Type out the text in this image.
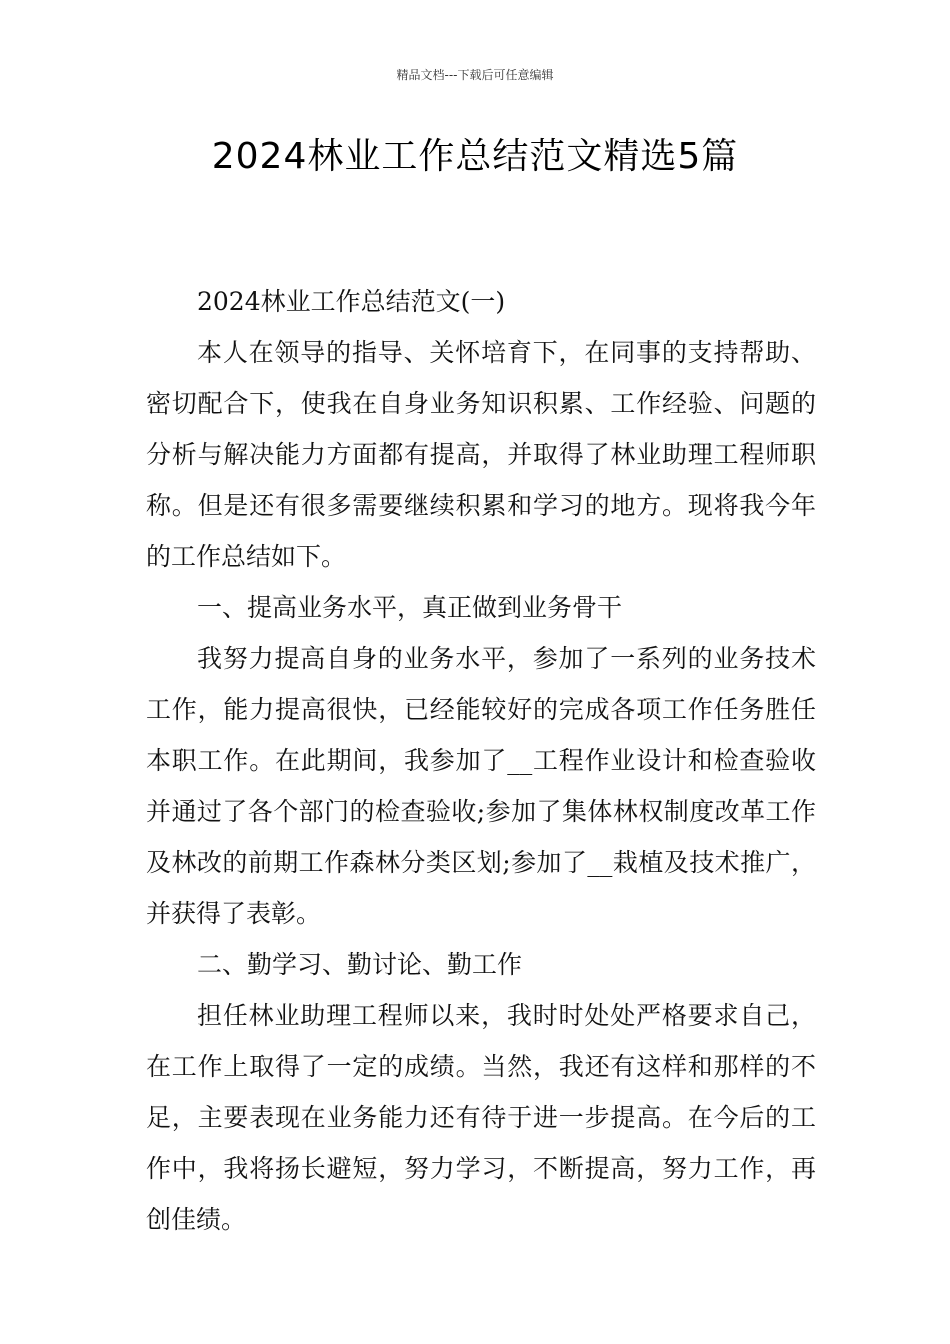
精品文档---下载后可任意编辑
2024林业工作总结范文精选5篇

2024林业工作总结范文(一)

本人在领导的指导、关怀培育下，在同事的支持帮助、密切配合下，使我在自身业务知识积累、工作经验、问题的分析与解决能力方面都有提高，并取得了林业助理工程师职称。但是还有很多需要继续积累和学习的地方。现将我今年的工作总结如下。

一、提高业务水平，真正做到业务骨干

我努力提高自身的业务水平，参加了一系列的业务技术工作，能力提高很快，已经能较好的完成各项工作任务胜任本职工作。在此期间，我参加了__工程作业设计和检查验收并通过了各个部门的检查验收;参加了集体林权制度改革工作及林改的前期工作森林分类区划;参加了__栽植及技术推广，并获得了表彰。

二、勤学习、勤讨论、勤工作

担任林业助理工程师以来，我时时处处严格要求自己，在工作上取得了一定的成绩。当然，我还有这样和那样的不足，主要表现在业务能力还有待于进一步提高。在今后的工作中，我将扬长避短，努力学习，不断提高，努力工作，再创佳绩。
